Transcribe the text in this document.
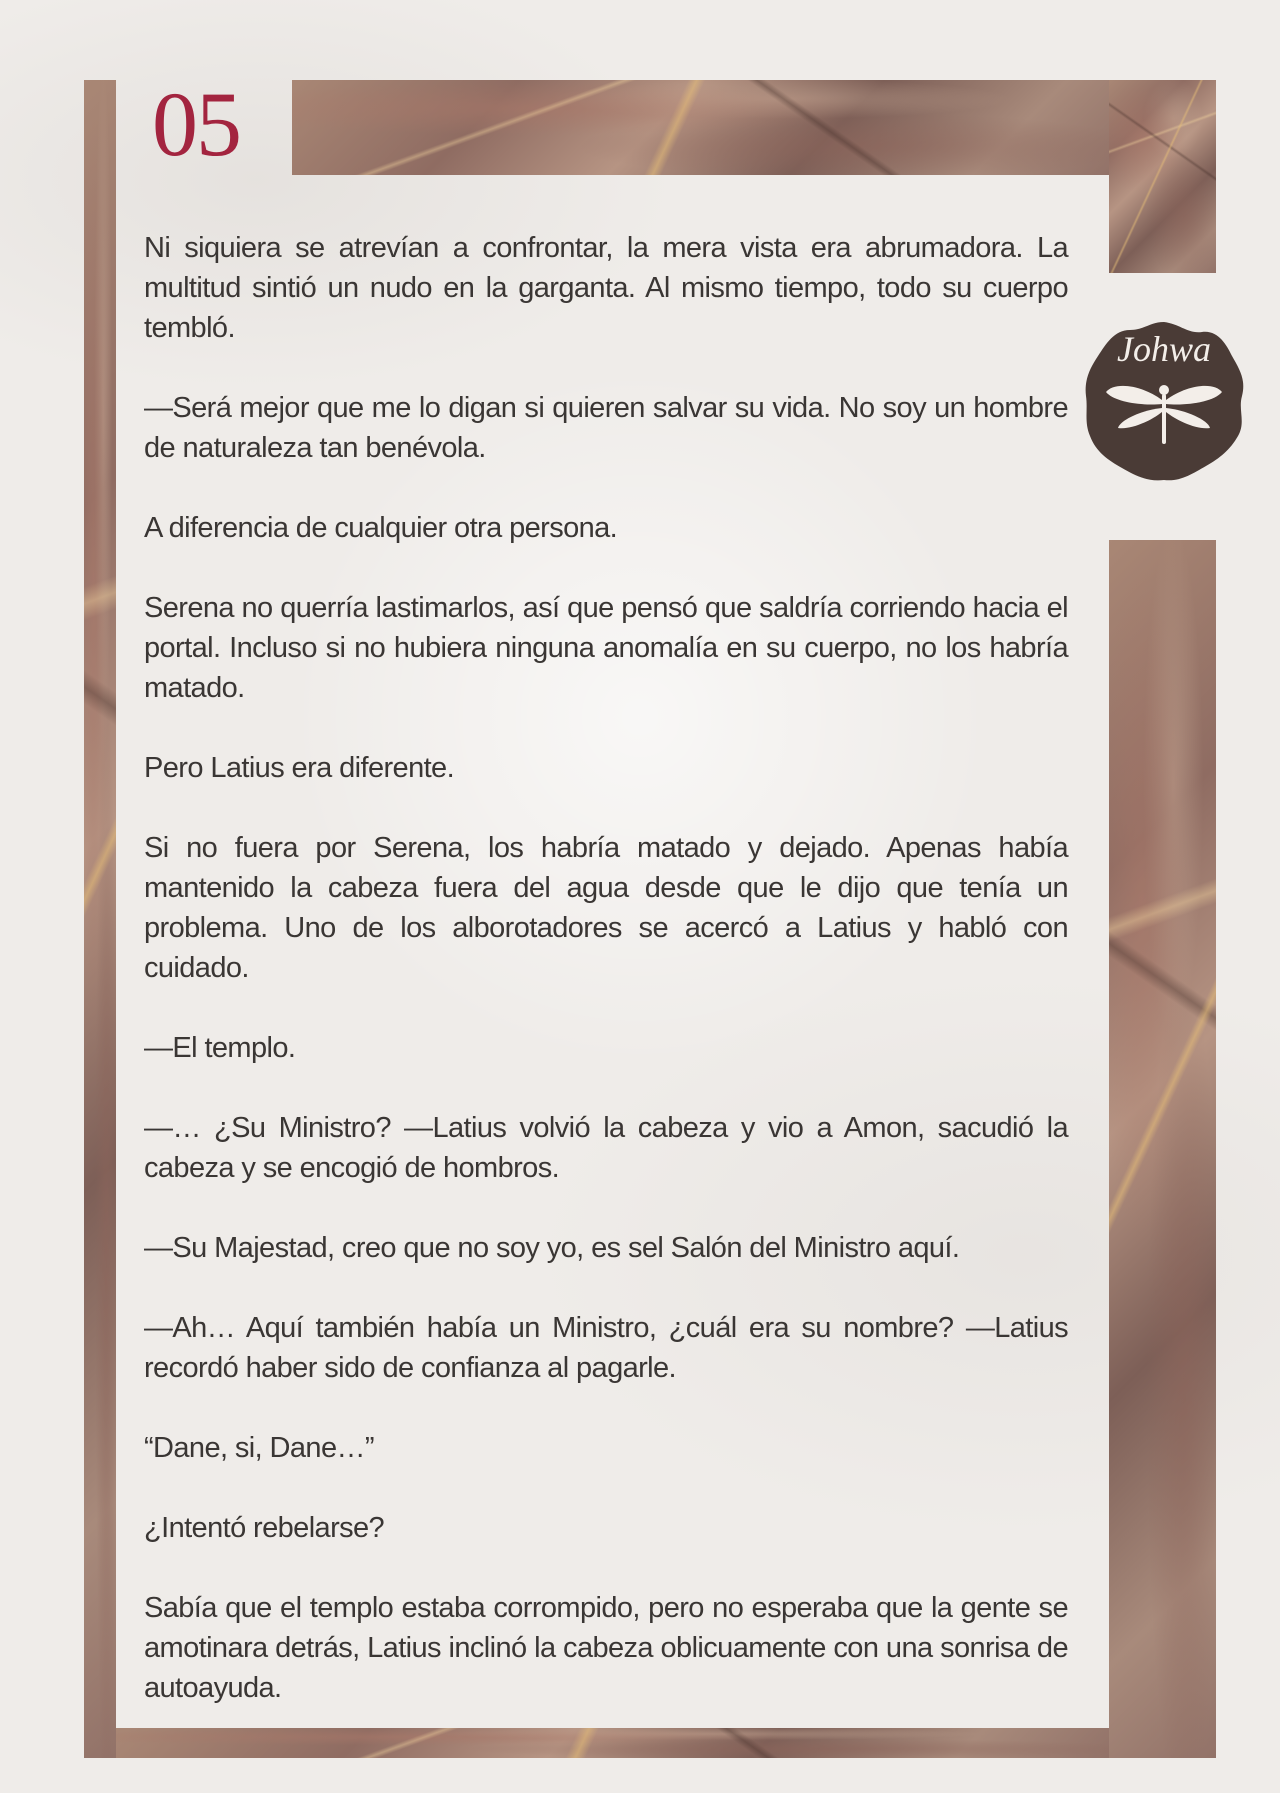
05
Johwa

Ni siquiera se atrevían a confrontar, la mera vista era abrumadora. La multitud sintió un nudo en la garganta. Al mismo tiempo, todo su cuerpo tembló.

—Será mejor que me lo digan si quieren salvar su vida. No soy un hombre de naturaleza tan benévola.

A diferencia de cualquier otra persona.

Serena no querría lastimarlos, así que pensó que saldría corriendo hacia el portal. Incluso si no hubiera ninguna anomalía en su cuerpo, no los habría matado.

Pero Latius era diferente.

Si no fuera por Serena, los habría matado y dejado. Apenas había mantenido la cabeza fuera del agua desde que le dijo que tenía un problema. Uno de los alborotadores se acercó a Latius y habló con cuidado.

—El templo.

—… ¿Su Ministro? —Latius volvió la cabeza y vio a Amon, sacudió la cabeza y se encogió de hombros.

—Su Majestad, creo que no soy yo, es sel Salón del Ministro aquí.

—Ah… Aquí también había un Ministro, ¿cuál era su nombre? —Latius recordó haber sido de confianza al pagarle.

“Dane, si, Dane…”

¿Intentó rebelarse?

Sabía que el templo estaba corrompido, pero no esperaba que la gente se amotinara detrás, Latius inclinó la cabeza oblicuamente con una sonrisa de autoayuda.
